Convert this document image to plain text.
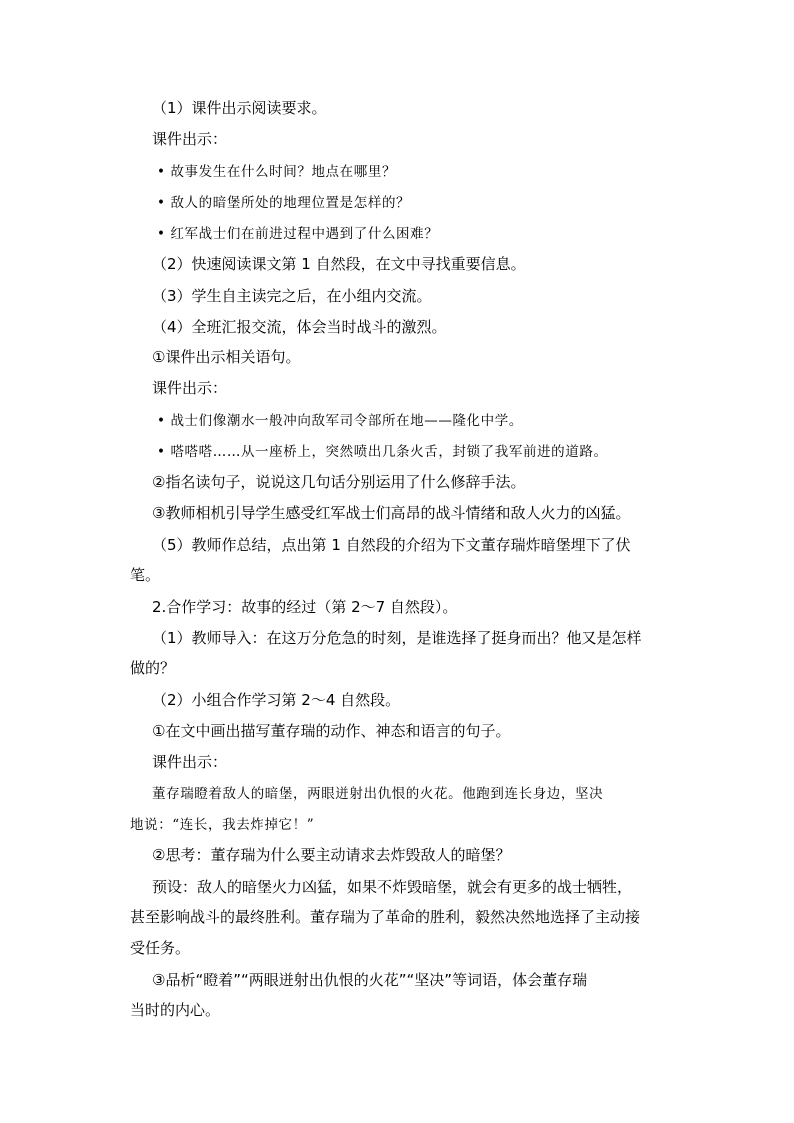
（1）课件出示阅读要求。

课件出示：

• 故事发生在什么时间？地点在哪里？

• 敌人的暗堡所处的地理位置是怎样的？

• 红军战士们在前进过程中遇到了什么困难？

（2）快速阅读课文第 1 自然段，在文中寻找重要信息。

（3）学生自主读完之后，在小组内交流。

（4）全班汇报交流，体会当时战斗的激烈。

①课件出示相关语句。

课件出示：

• 战士们像潮水一般冲向敌军司令部所在地——隆化中学。

• 嗒嗒嗒……从一座桥上，突然喷出几条火舌，封锁了我军前进的道路。

②指名读句子，说说这几句话分别运用了什么修辞手法。

③教师相机引导学生感受红军战士们高昂的战斗情绪和敌人火力的凶猛。

（5）教师作总结，点出第 1 自然段的介绍为下文董存瑞炸暗堡埋下了伏

笔。

2.合作学习：故事的经过（第 2～7 自然段）。

（1）教师导入：在这万分危急的时刻，是谁选择了挺身而出？他又是怎样

做的？

（2）小组合作学习第 2～4 自然段。

①在文中画出描写董存瑞的动作、神态和语言的句子。

课件出示：

董存瑞瞪着敌人的暗堡，两眼迸射出仇恨的火花。他跑到连长身边，坚决

地说：“连长，我去炸掉它！”

②思考：董存瑞为什么要主动请求去炸毁敌人的暗堡？

预设：敌人的暗堡火力凶猛，如果不炸毁暗堡，就会有更多的战士牺牲，

甚至影响战斗的最终胜利。董存瑞为了革命的胜利，毅然决然地选择了主动接

受任务。

③品析“瞪着”“两眼迸射出仇恨的火花”“坚决”等词语，体会董存瑞

当时的内心。
